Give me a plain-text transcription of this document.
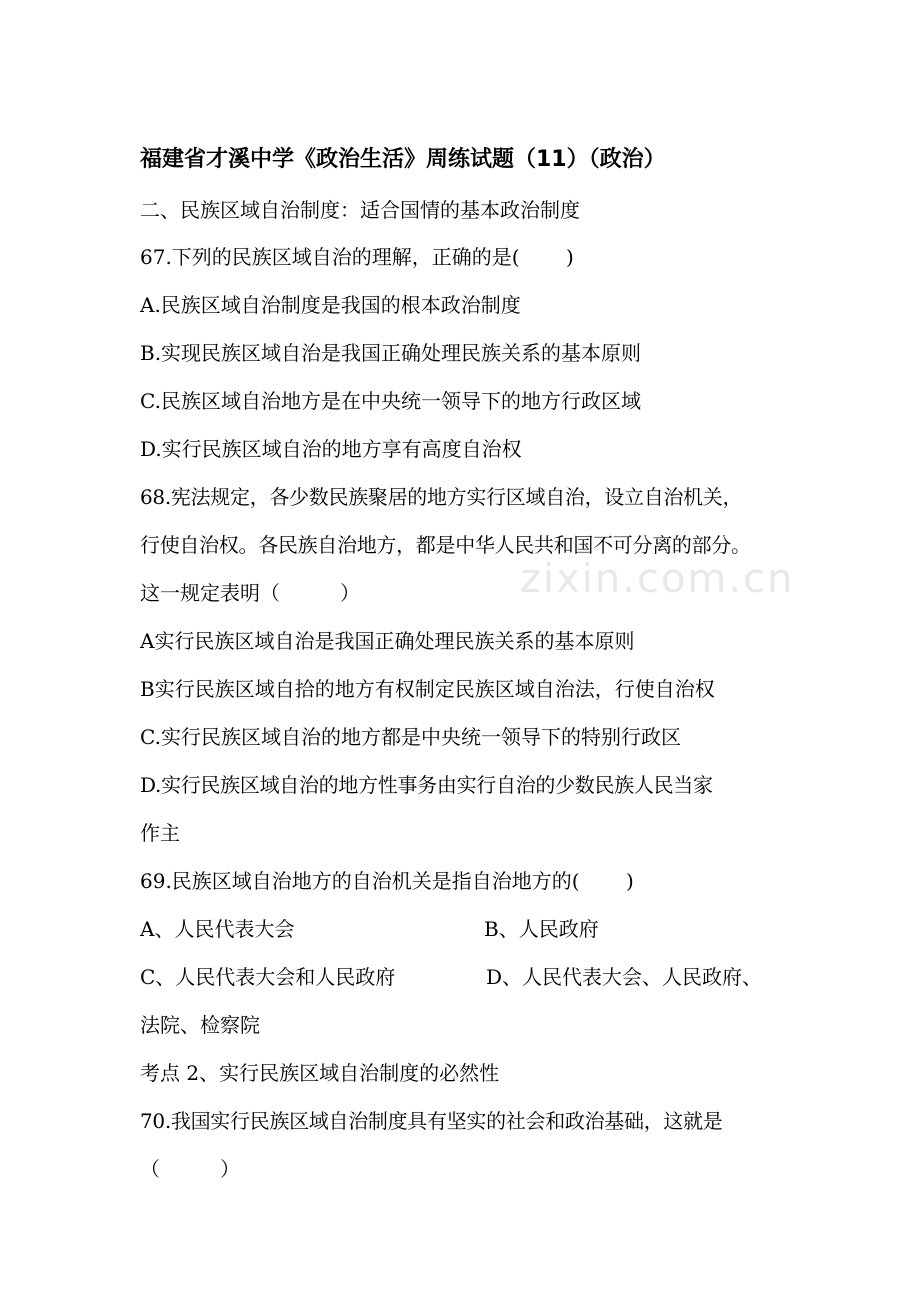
zixin.com.cn
福建省才溪中学《政治生活》周练试题（11）（政治）
二、民族区域自治制度：适合国情的基本政治制度
67.下列的民族区域自治的理解，正确的是(　　 )
A.民族区域自治制度是我国的根本政治制度
B.实现民族区域自治是我国正确处理民族关系的基本原则
C.民族区域自治地方是在中央统一领导下的地方行政区域
D.实行民族区域自治的地方享有高度自治权
68.宪法规定，各少数民族聚居的地方实行区域自治，设立自治机关，
行使自治权。各民族自治地方，都是中华人民共和国不可分离的部分。
这一规定表明（　　　）
A实行民族区域自治是我国正确处理民族关系的基本原则
B实行民族区域自拾的地方有权制定民族区域自治法，行使自治权
C.实行民族区域自治的地方都是中央统一领导下的特别行政区
D.实行民族区域自治的地方性事务由实行自治的少数民族人民当家
作主
69.民族区域自治地方的自治机关是指自治地方的(　　 )
A、人民代表大会	B、人民政府
C、人民代表大会和人民政府	D、人民代表大会、人民政府、
法院、检察院
考点 2、实行民族区域自治制度的必然性
70.我国实行民族区域自治制度具有坚实的社会和政治基础，这就是
（　　　）
